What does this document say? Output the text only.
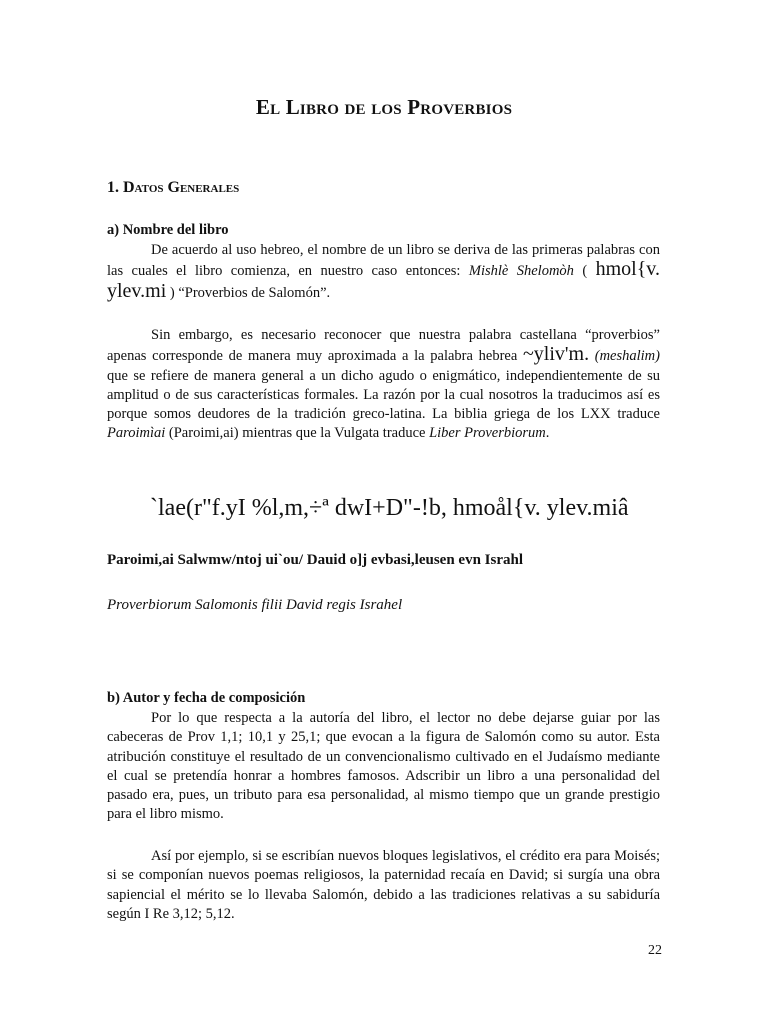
El Libro de los Proverbios
1. Datos Generales
a) Nombre del libro

De acuerdo al uso hebreo, el nombre de un libro se deriva de las primeras palabras con las cuales el libro comienza, en nuestro caso entonces: Mishlè Shelomòh ( hmol{v. ylev.mi ) “Proverbios de Salomón”.

Sin embargo, es necesario reconocer que nuestra palabra castellana “proverbios” apenas corresponde de manera muy aproximada a la palabra hebrea ~yliv'm. (meshalim) que se refiere de manera general a un dicho agudo o enigmático, independientemente de su amplitud o de sus características formales. La razón por la cual nosotros la traducimos así es porque somos deudores de la tradición greco-latina. La biblia griega de los LXX traduce Paroimìai (Paroimi,ai) mientras que la Vulgata traduce Liber Proverbiorum.

`lae(r"f.yI %l,m,÷ª dwI+D"-!b, hmoål{v. ylev.miâ

Paroimi,ai Salwmw/ntoj ui`ou/ Dauid o]j evbasi,leusen evn Israhl

Proverbiorum Salomonis filii David regis Israhel

b) Autor y fecha de composición

Por lo que respecta a la autoría del libro, el lector no debe dejarse guiar por las cabeceras de Prov 1,1; 10,1 y 25,1; que evocan a la figura de Salomón como su autor. Esta atribución constituye el resultado de un convencionalismo cultivado en el Judaísmo mediante el cual se pretendía honrar a hombres famosos. Adscribir un libro a una personalidad del pasado era, pues, un tributo para esa personalidad, al mismo tiempo que un grande prestigio para el libro mismo.

Así por ejemplo, si se escribían nuevos bloques legislativos, el crédito era para Moisés; si se componían nuevos poemas religiosos, la paternidad recaía en David; si surgía una obra sapiencial el mérito se lo llevaba Salomón, debido a las tradiciones relativas a su sabiduría según I Re 3,12; 5,12.

22
